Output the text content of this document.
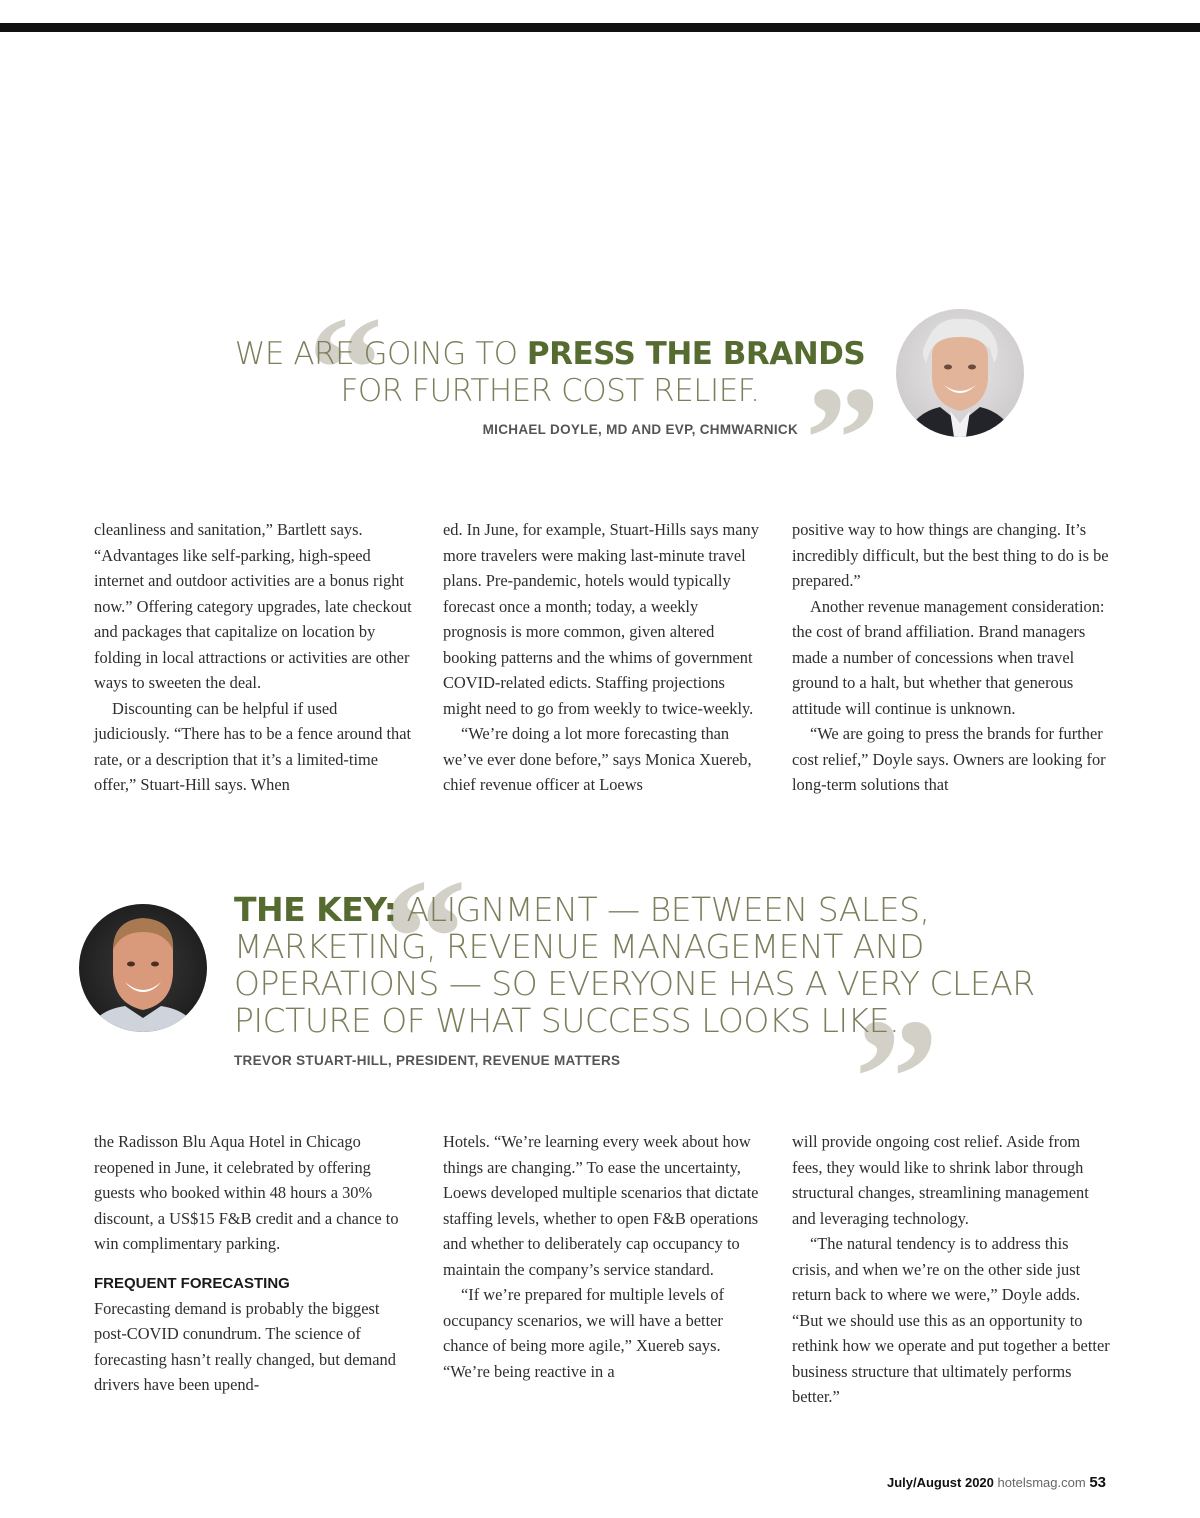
“	”
WE ARE GOING TO PRESS THE BRANDS FOR FURTHER COST RELIEF.
MICHAEL DOYLE, MD AND EVP, CHMWARNICK

cleanliness and sanitation,” Bartlett says. “Advantages like self-parking, high-speed internet and outdoor activities are a bonus right now.” Offering category upgrades, late checkout and packages that capitalize on location by folding in local attractions or activities are other ways to sweeten the deal.

Discounting can be helpful if used judiciously. “There has to be a fence around that rate, or a description that it’s a limited-time offer,” Stuart-Hill says. When

ed. In June, for example, Stuart-Hills says many more travelers were making last-minute travel plans. Pre-pandemic, hotels would typically forecast once a month; today, a weekly prognosis is more common, given altered booking patterns and the whims of government COVID-related edicts. Staffing projections might need to go from weekly to twice-weekly.

“We’re doing a lot more forecasting than we’ve ever done before,” says Monica Xuereb, chief revenue officer at Loews

positive way to how things are changing. It’s incredibly difficult, but the best thing to do is be prepared.”

Another revenue management consideration: the cost of brand affiliation. Brand managers made a number of concessions when travel ground to a halt, but whether that generous attitude will continue is unknown.

“We are going to press the brands for further cost relief,” Doyle says. Owners are looking for long-term solutions that

“
”
THE KEY: ALIGNMENT — BETWEEN SALES, MARKETING, REVENUE MANAGEMENT AND OPERATIONS — SO EVERYONE HAS A VERY CLEAR PICTURE OF WHAT SUCCESS LOOKS LIKE.
TREVOR STUART-HILL, PRESIDENT, REVENUE MATTERS

the Radisson Blu Aqua Hotel in Chicago reopened in June, it celebrated by offering guests who booked within 48 hours a 30% discount, a US$15 F&B credit and a chance to win complimentary parking.

FREQUENT FORECASTING

Forecasting demand is probably the biggest post-COVID conundrum. The science of forecasting hasn’t really changed, but demand drivers have been upend-

Hotels. “We’re learning every week about how things are changing.” To ease the uncertainty, Loews developed multiple scenarios that dictate staffing levels, whether to open F&B operations and whether to deliberately cap occupancy to maintain the company’s service standard.

“If we’re prepared for multiple levels of occupancy scenarios, we will have a better chance of being more agile,” Xuereb says. “We’re being reactive in a

will provide ongoing cost relief. Aside from fees, they would like to shrink labor through structural changes, streamlining management and leveraging technology.

“The natural tendency is to address this crisis, and when we’re on the other side just return back to where we were,” Doyle adds. “But we should use this as an opportunity to rethink how we operate and put together a better business structure that ultimately performs better.”

July/August 2020 hotelsmag.com 53
